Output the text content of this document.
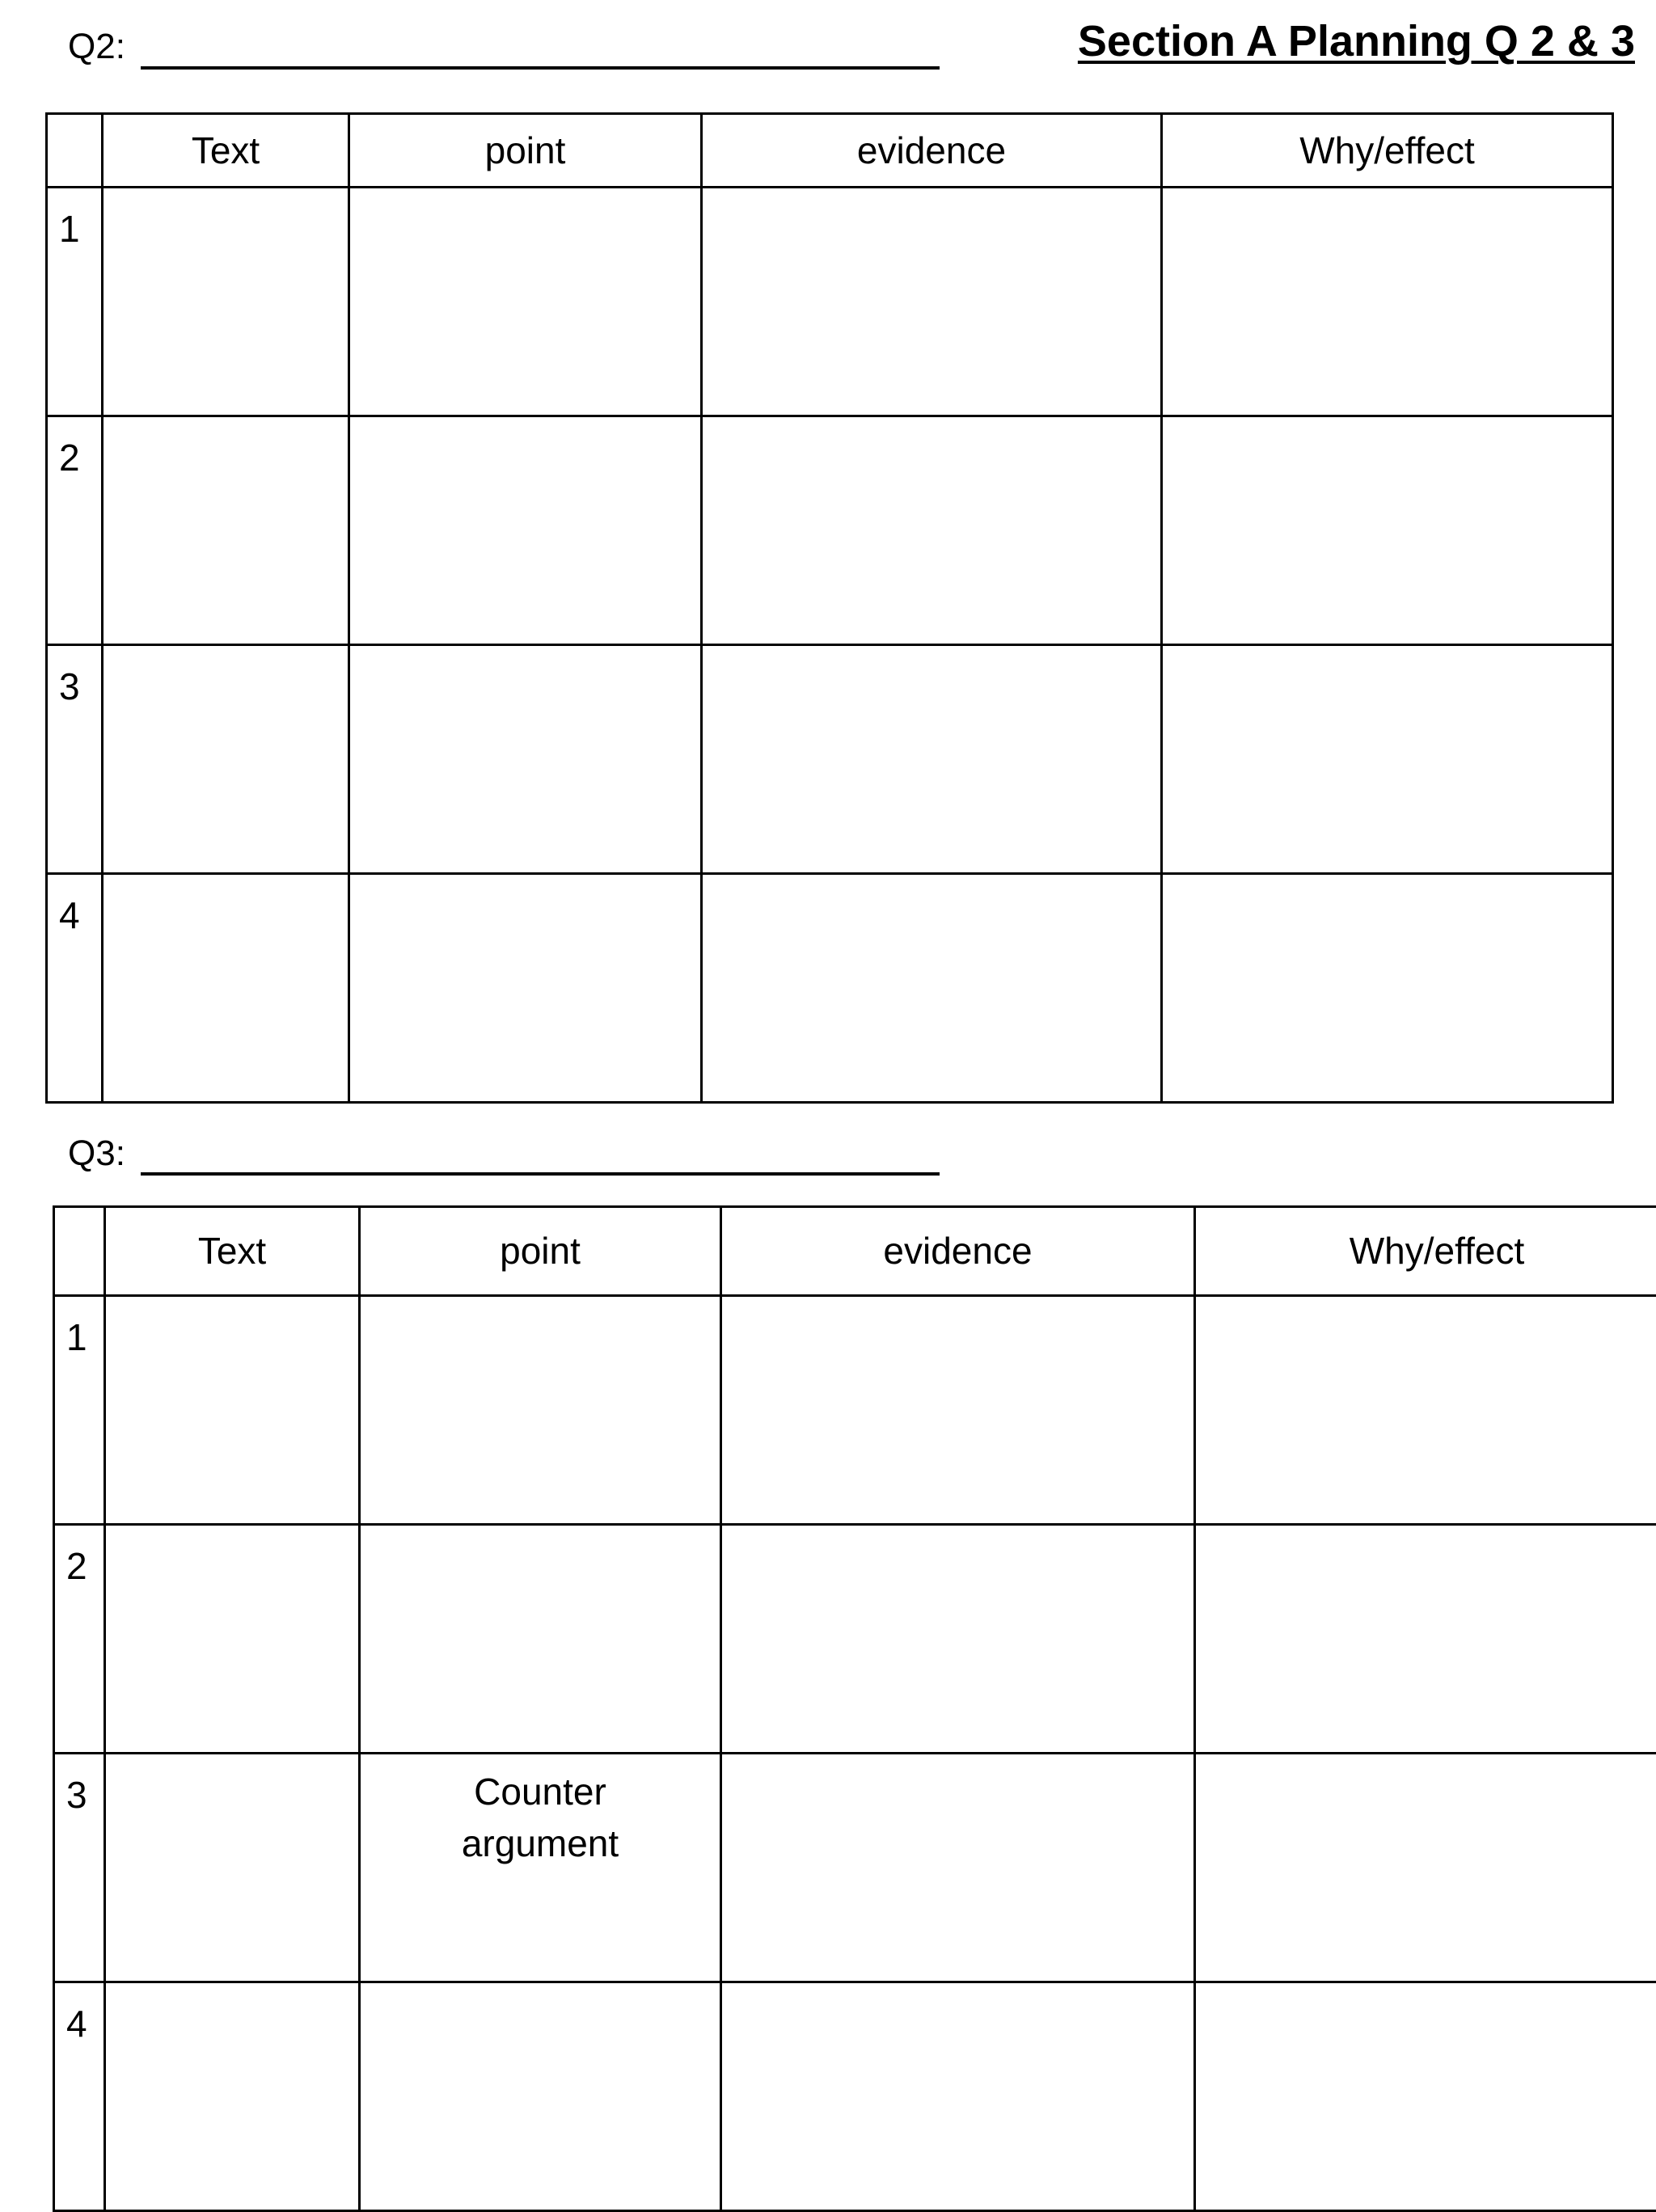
Q2:	Section A Planning Q 2 & 3
	Text	point	evidence	Why/effect
1				
2				
3				
4				
Q3:
	Text	point	evidence	Why/effect
1				
2				
3		Counter argument		
4				
